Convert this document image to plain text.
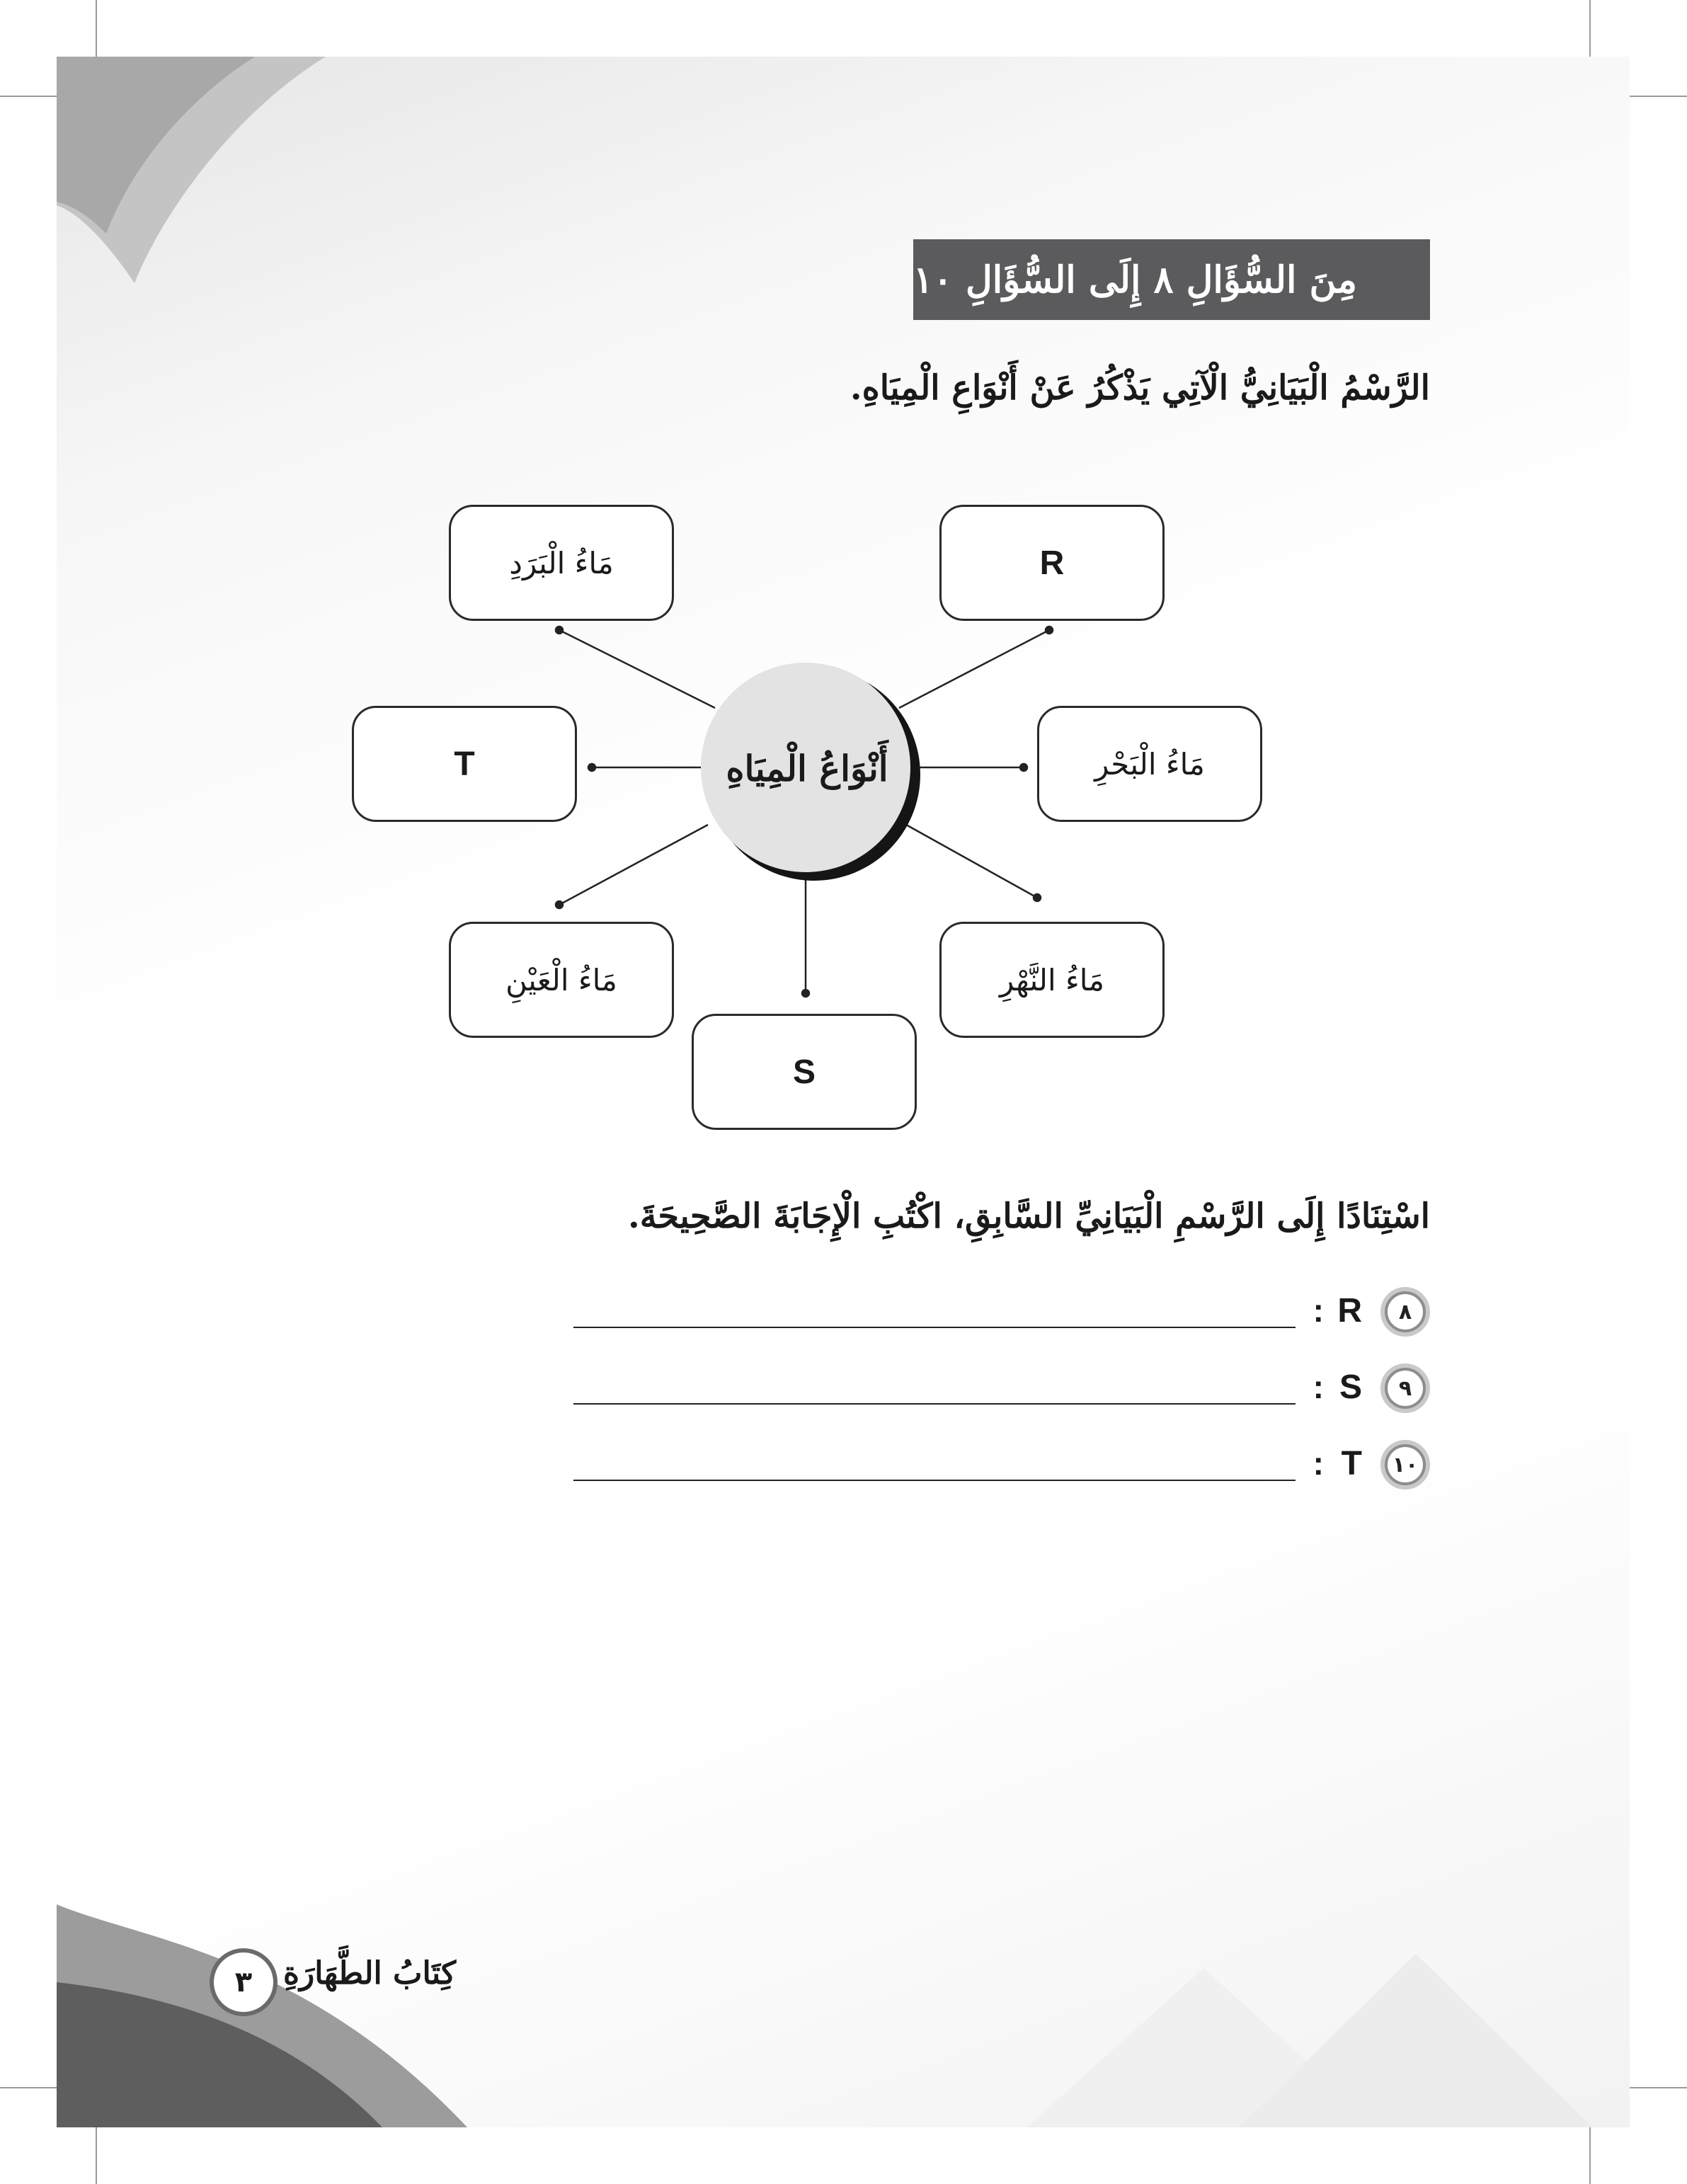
مِنَ السُّؤَالِ ٨ إِلَى السُّؤَالِ ١٠
الرَّسْمُ الْبَيَانِيُّ الْآتِي يَذْكُرُ عَنْ أَنْوَاعِ الْمِيَاهِ.
أَنْوَاعُ الْمِيَاهِ
مَاءُ الْبَرَدِ	R
T	مَاءُ الْبَحْرِ
مَاءُ الْعَيْنِ	مَاءُ النَّهْرِ
S
اسْتِنَادًا إِلَى الرَّسْمِ الْبَيَانِيِّ السَّابِقِ، اكْتُبِ الْإِجَابَةَ الصَّحِيحَةَ.
٨
R
:
٩
S
:
١٠
T
:
٣ كِتَابُ الطَّهَارَةِ
